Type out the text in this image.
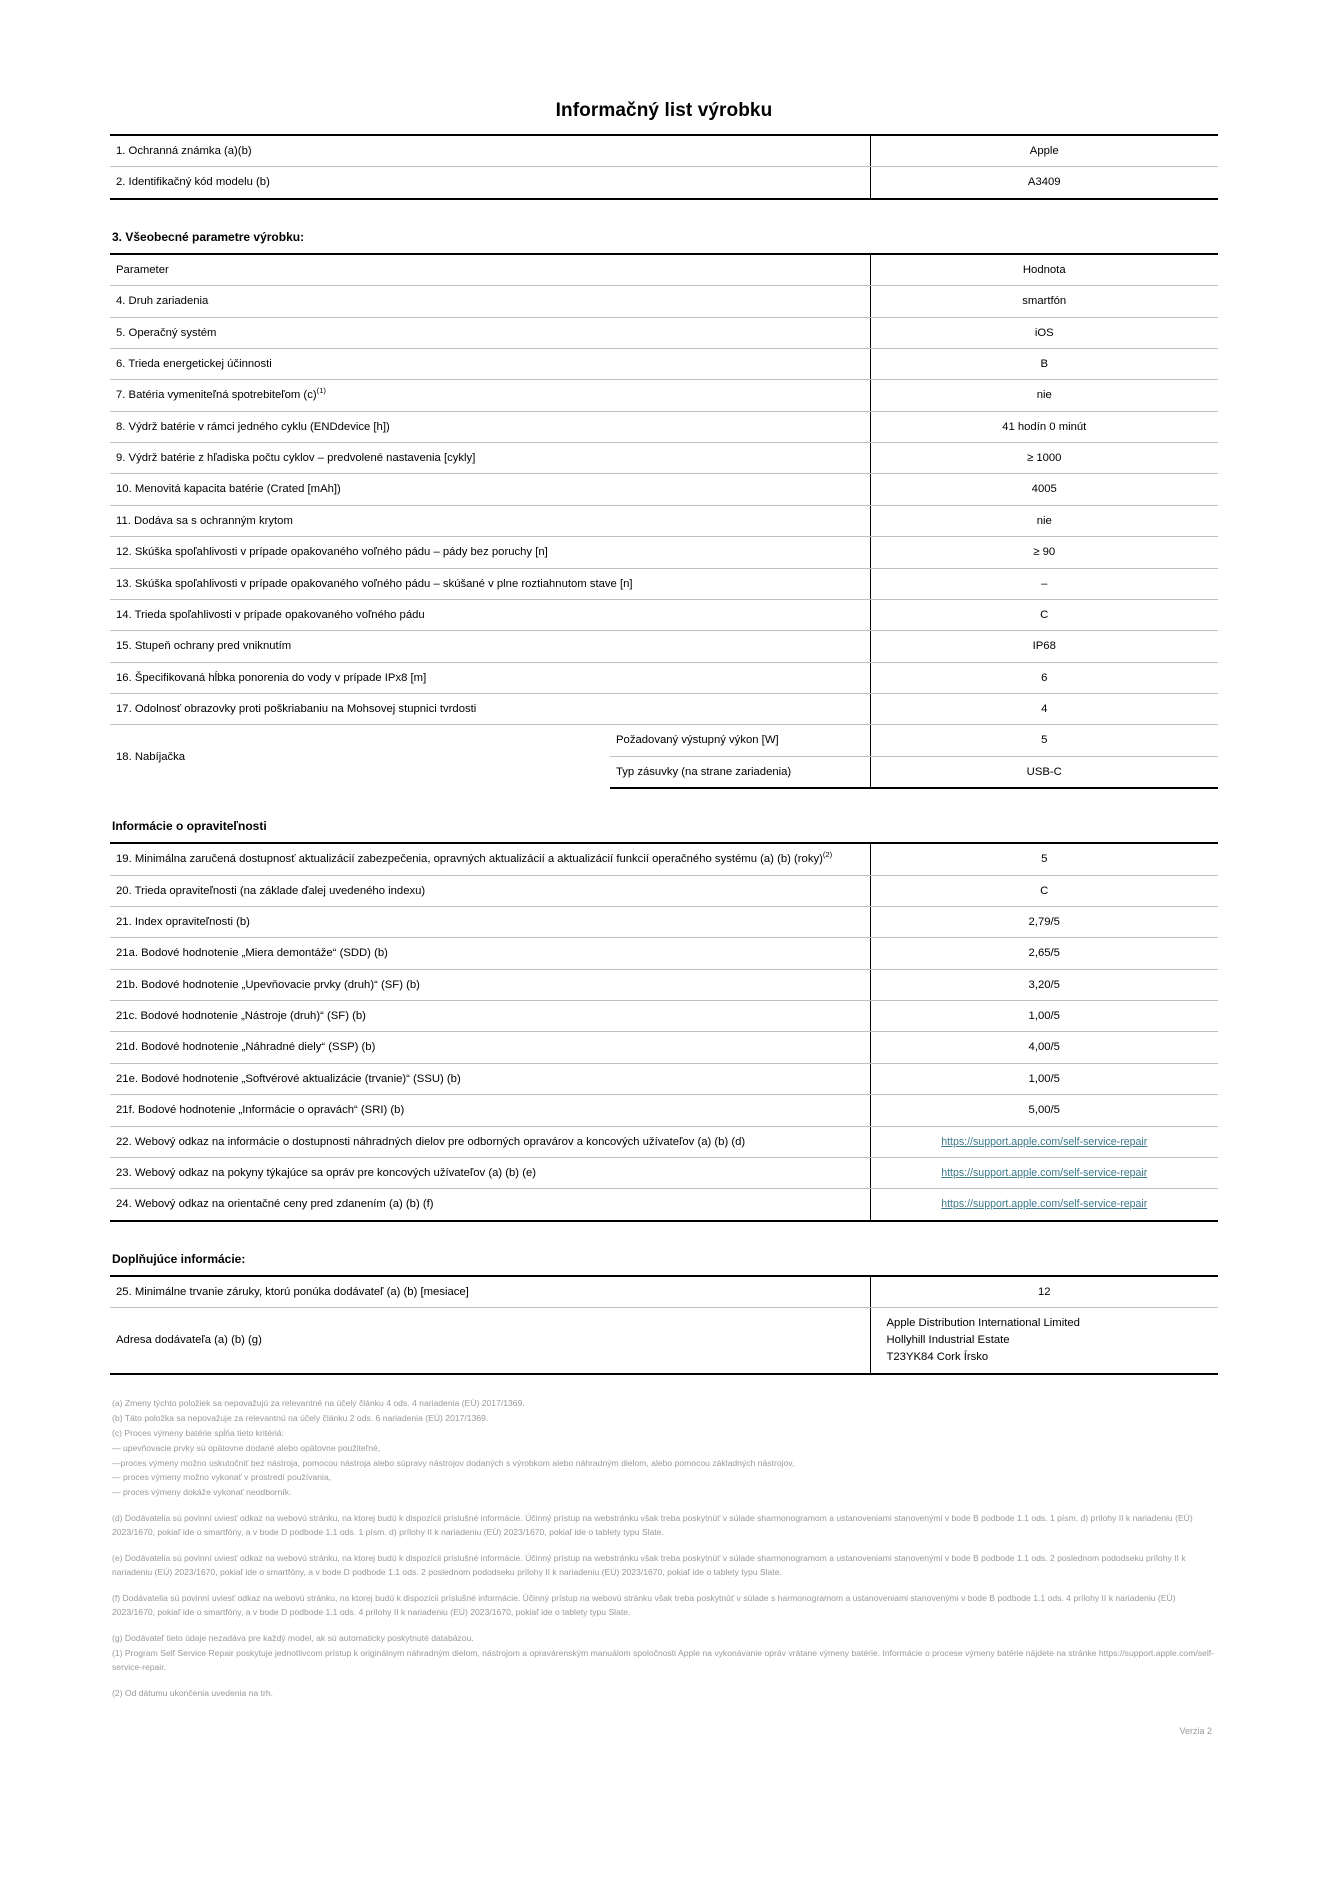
Informačný list výrobku
1. Ochranná známka (a)(b)	Apple
2. Identifikačný kód modelu (b)	A3409
3. Všeobecné parametre výrobku:
Parameter		Hodnota
4. Druh zariadenia		smartfón
5. Operačný systém		iOS
6. Trieda energetickej účinnosti		B
7. Batéria vymeniteľná spotrebiteľom (c)$^{(1)}$		nie
8. Výdrž batérie v rámci jedného cyklu (ENDdevice [h])		41 hodín 0 minút
9. Výdrž batérie z hľadiska počtu cyklov – predvolené nastavenia [cykly]		≥ 1000
10. Menovitá kapacita batérie (Crated [mAh])		4005
11. Dodáva sa s ochranným krytom		nie
12. Skúška spoľahlivosti v prípade opakovaného voľného pádu – pády bez poruchy [n]		≥ 90
13. Skúška spoľahlivosti v prípade opakovaného voľného pádu – skúšané v plne roztiahnutom stave [n]		–
14. Trieda spoľahlivosti v prípade opakovaného voľného pádu		C
15. Stupeň ochrany pred vniknutím		IP68
16. Špecifikovaná hĺbka ponorenia do vody v prípade IPx8 [m]		6
17. Odolnosť obrazovky proti poškriabaniu na Mohsovej stupnici tvrdosti		4
18. Nabíjačka	Požadovaný výstupný výkon [W]	5
	Typ zásuvky (na strane zariadenia)	USB-C
Informácie o opraviteľnosti
19. Minimálna zaručená dostupnosť aktualizácií zabezpečenia, opravných aktualizácií a aktualizácií funkcií operačného systému (a) (b) (roky)$^{(2)}$	5
20. Trieda opraviteľnosti (na základe ďalej uvedeného indexu)	C
21. Index opraviteľnosti (b)	2,79/5
21a. Bodové hodnotenie „Miera demontáže“ (SDD) (b)	2,65/5
21b. Bodové hodnotenie „Upevňovacie prvky (druh)“ (SF) (b)	3,20/5
21c. Bodové hodnotenie „Nástroje (druh)“ (SF) (b)	1,00/5
21d. Bodové hodnotenie „Náhradné diely“ (SSP) (b)	4,00/5
21e. Bodové hodnotenie „Softvérové aktualizácie (trvanie)“ (SSU) (b)	1,00/5
21f. Bodové hodnotenie „Informácie o opravách“ (SRI) (b)	5,00/5
22. Webový odkaz na informácie o dostupnosti náhradných dielov pre odborných opravárov a koncových užívateľov (a) (b) (d)	https://support.apple.com/self-service-repair
23. Webový odkaz na pokyny týkajúce sa opráv pre koncových užívateľov (a) (b) (e)	https://support.apple.com/self-service-repair
24. Webový odkaz na orientačné ceny pred zdanením (a) (b) (f)	https://support.apple.com/self-service-repair
Doplňujúce informácie:
25. Minimálne trvanie záruky, ktorú ponúka dodávateľ (a) (b) [mesiace]	12
Adresa dodávateľa (a) (b) (g)	Apple Distribution International Limited
Hollyhill Industrial Estate
T23YK84 Cork Írsko

(a) Zmeny týchto položiek sa nepovažujú za relevantné na účely článku 4 ods. 4 nariadenia (EÚ) 2017/1369.

(b) Táto položka sa nepovažuje za relevantnú na účely článku 2 ods. 6 nariadenia (EÚ) 2017/1369.

(c) Proces výmeny batérie spĺňa tieto kritériá:

— upevňovacie prvky sú opätovne dodané alebo opätovne použiteľné,

—proces výmeny možno uskutočniť bez nástroja, pomocou nástroja alebo súpravy nástrojov dodaných s výrobkom alebo náhradným dielom, alebo pomocou základných nástrojov,

— proces výmeny možno vykonať v prostredí používania,

— proces výmeny dokáže vykonať neodborník.

(d) Dodávatelia sú povinní uviesť odkaz na webovú stránku, na ktorej budú k dispozícii príslušné informácie. Účinný prístup na webstránku však treba poskytnúť v súlade sharmonogramom a ustanoveniami stanovenými v bode B podbode 1.1 ods. 1 písm. d) prílohy II k nariadeniu (EÚ) 2023/1670, pokiaľ ide o smartfóny, a v bode D podbode 1.1 ods. 1 písm. d) prílohy II k nariadeniu (EÚ) 2023/1670, pokiaľ ide o tablety typu Slate.

(e) Dodávatelia sú povinní uviesť odkaz na webovú stránku, na ktorej budú k dispozícii príslušné informácie. Účinný prístup na webstránku však treba poskytnúť v súlade sharmonogramom a ustanoveniami stanovenými v bode B podbode 1.1 ods. 2 poslednom pododseku prílohy II k nariadeniu (EÚ) 2023/1670, pokiaľ ide o smartfóny, a v bode D podbode 1.1 ods. 2 poslednom pododseku prílohy II k nariadeniu (EÚ) 2023/1670, pokiaľ ide o tablety typu Slate.

(f) Dodávatelia sú povinní uviesť odkaz na webovú stránku, na ktorej budú k dispozícii príslušné informácie. Účinný prístup na webovú stránku však treba poskytnúť v súlade s harmonogramom a ustanoveniami stanovenými v bode B podbode 1.1 ods. 4 prílohy II k nariadeniu (EÚ) 2023/1670, pokiaľ ide o smartfóny, a v bode D podbode 1.1 ods. 4 prílohy II k nariadeniu (EÚ) 2023/1670, pokiaľ ide o tablety typu Slate.

(g) Dodávateľ tieto údaje nezadáva pre každý model, ak sú automaticky poskytnuté databázou.

(1) Program Self Service Repair poskytuje jednotlivcom prístup k originálnym náhradným dielom, nástrojom a opravárenským manuálom spoločnosti Apple na vykonávanie opráv vrátane výmeny batérie. Informácie o procese výmeny batérie nájdete na stránke https://support.apple.com/self-service-repair.

(2) Od dátumu ukončenia uvedenia na trh.

Verzia 2
